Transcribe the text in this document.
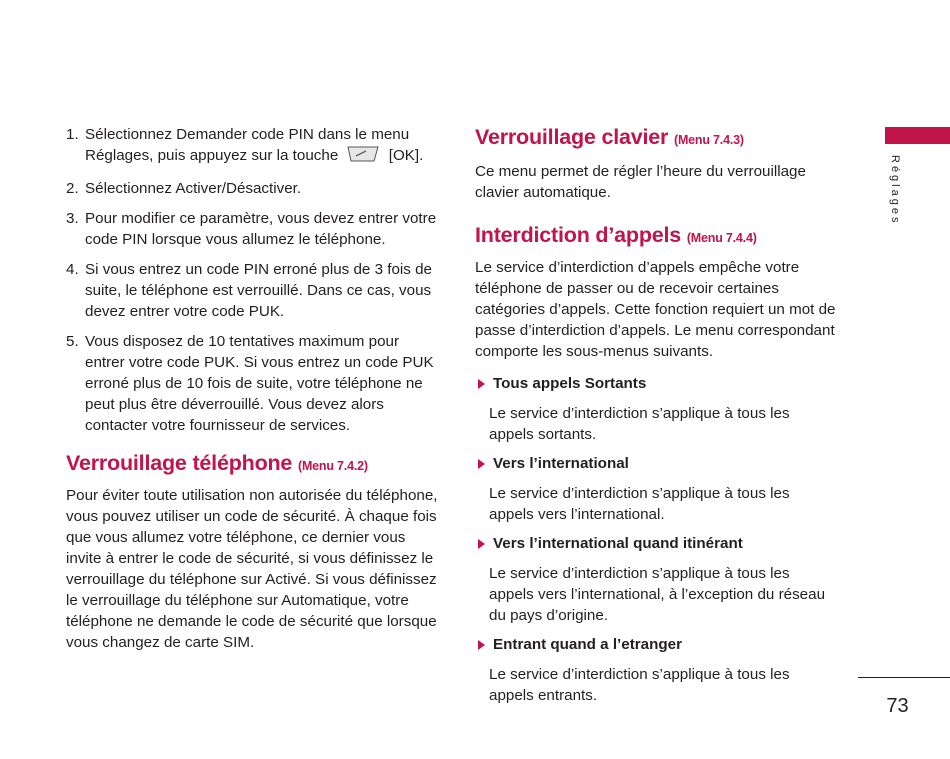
1. Sélectionnez Demander code PIN dans le menu Réglages, puis appuyez sur la touche	[OK].
2. Sélectionnez Activer/Désactiver.
3. Pour modifier ce paramètre, vous devez entrer votre code PIN lorsque vous allumez le téléphone.
4. Si vous entrez un code PIN erroné plus de 3 fois de suite, le téléphone est verrouillé. Dans ce cas, vous devez entrer votre code PUK.
5. Vous disposez de 10 tentatives maximum pour entrer votre code PUK. Si vous entrez un code PUK erroné plus de 10 fois de suite, votre téléphone ne peut plus être déverrouillé. Vous devez alors contacter votre fournisseur de services.
Verrouillage téléphone (Menu 7.4.2)

Pour éviter toute utilisation non autorisée du téléphone, vous pouvez utiliser un code de sécurité. À chaque fois que vous allumez votre téléphone, ce dernier vous invite à entrer le code de sécurité, si vous définissez le verrouillage du téléphone sur Activé. Si vous définissez le verrouillage du téléphone sur Automatique, votre téléphone ne demande le code de sécurité que lorsque vous changez de carte SIM.

Verrouillage clavier (Menu 7.4.3)

Ce menu permet de régler l’heure du verrouillage clavier automatique.

Interdiction d’appels (Menu 7.4.4)

Le service d’interdiction d’appels empêche votre téléphone de passer ou de recevoir certaines catégories d’appels. Cette fonction requiert un mot de passe d’interdiction d’appels. Le menu correspondant comporte les sous-menus suivants.

Tous appels Sortants

Le service d’interdiction s’applique à tous les appels sortants.

Vers l’international

Le service d’interdiction s’applique à tous les appels vers l’international.

Vers l’international quand itinérant

Le service d’interdiction s’applique à tous les appels vers l’international, à l’exception du réseau du pays d’origine.

Entrant quand a l’etranger

Le service d’interdiction s’applique à tous les appels entrants.

Réglages
73
